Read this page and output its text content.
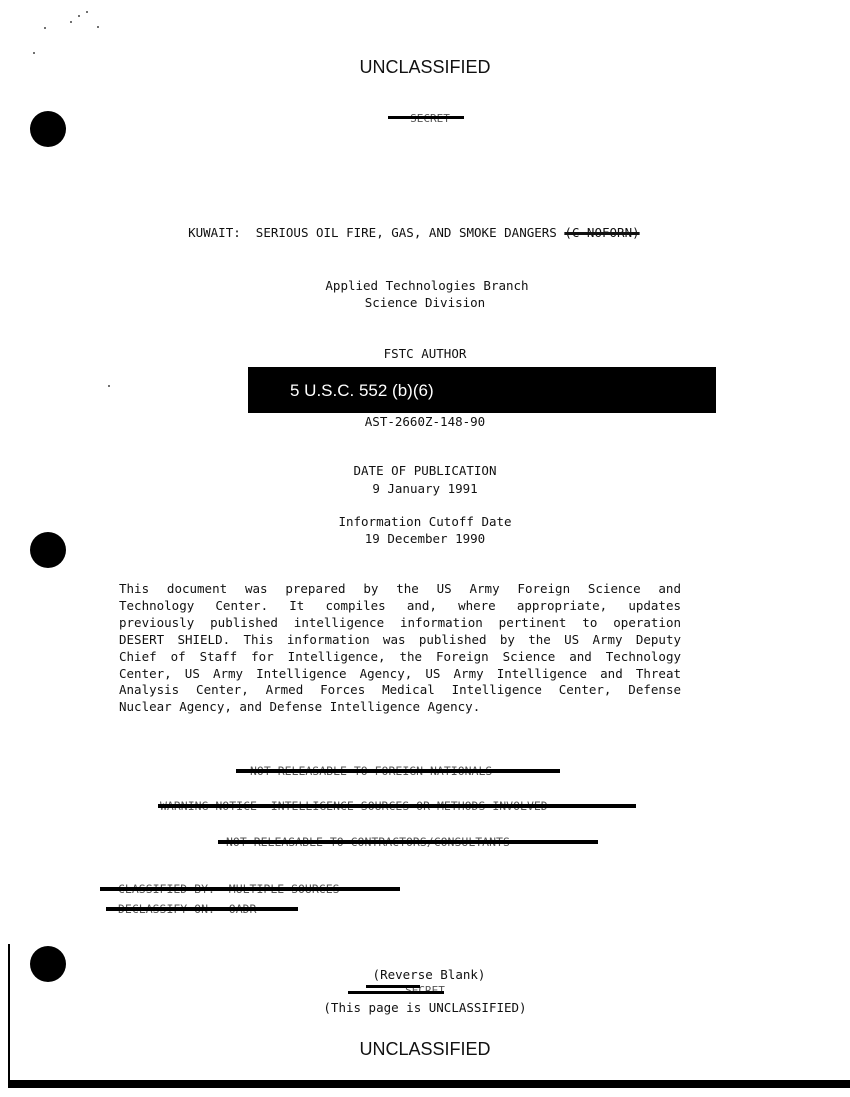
UNCLASSIFIED

KUWAIT:  SERIOUS OIL FIRE, GAS, AND SMOKE DANGERS (C-NOFORN)

Applied Technologies Branch
Science Division
FSTC AUTHOR
5 U.S.C. 552 (b)(6)
AST-2660Z-148-90
DATE OF PUBLICATION
9 January 1991
Information Cutoff Date
19 December 1990
This document was prepared by the US Army Foreign Science and
Technology Center. It compiles and, where appropriate, updates
previously published intelligence information pertinent to operation
DESERT SHIELD. This information was published by the US Army Deputy
Chief of Staff for Intelligence, the Foreign Science and Technology
Center, US Army Intelligence Agency, US Army Intelligence and Threat
Analysis Center, Armed Forces Medical Intelligence Center, Defense
Nuclear Agency, and Defense Intelligence Agency.
(Reverse Blank)
(This page is UNCLASSIFIED)
UNCLASSIFIED
